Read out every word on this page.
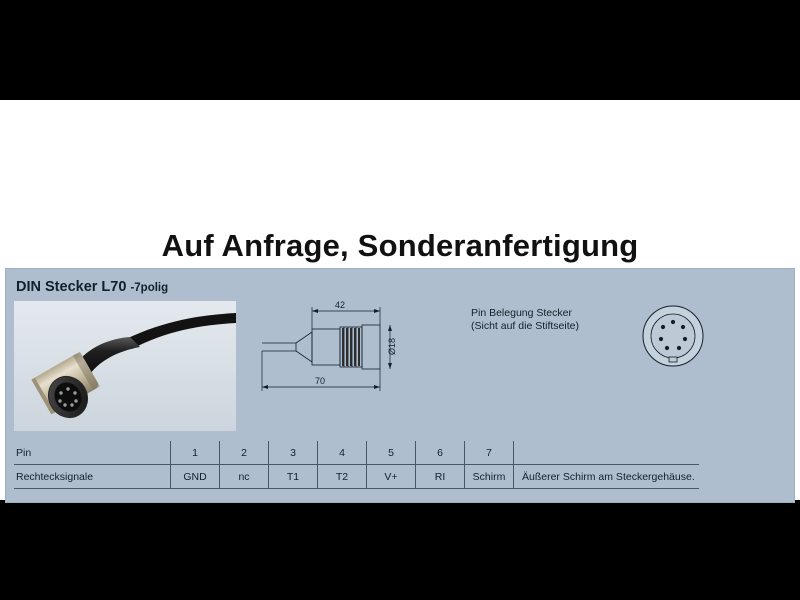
Auf Anfrage, Sonderanfertigung
DIN Stecker L70 -7polig
42
70
Ø18
Pin Belegung Stecker
(Sicht auf die Stiftseite)
Pin	1	2	3	4	5	6	7	
Rechtecksignale	GND	nc	T1	T2	V+	RI	Schirm	Äußerer Schirm am Steckergehäuse.
